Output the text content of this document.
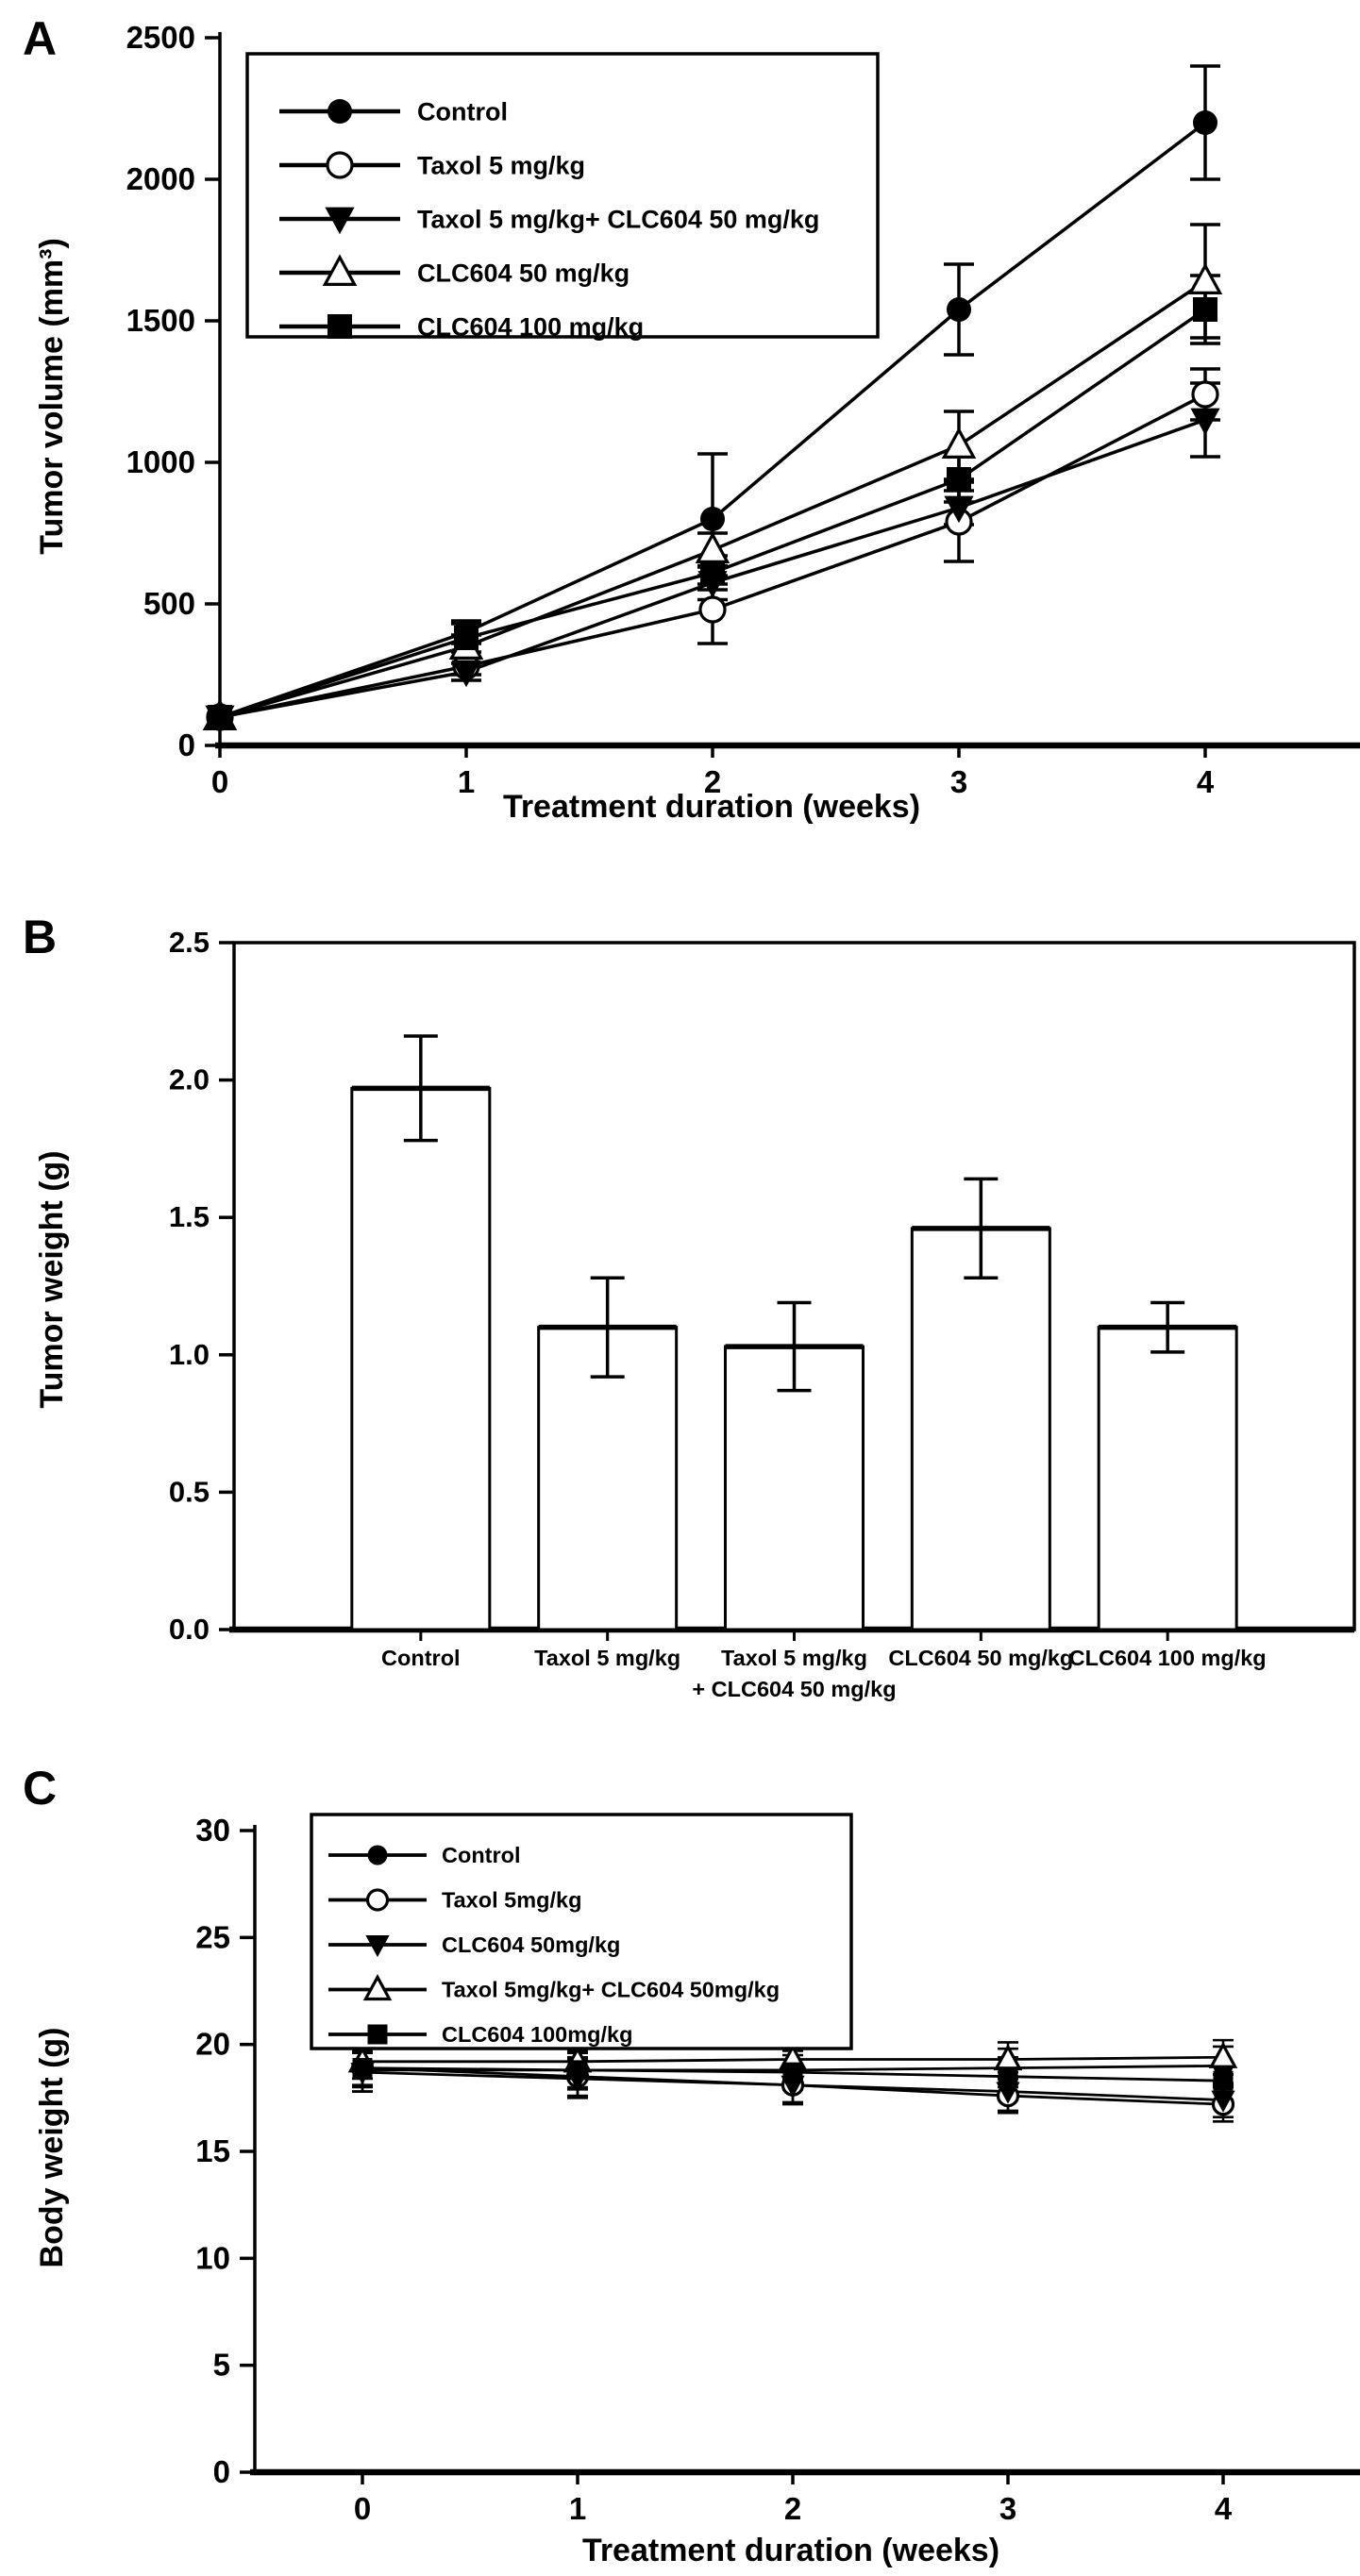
A
Tumor volume (mm³)
Treatment duration (weeks)
0
500
1000
1500
2000
2500
0	1	2	3	4
Control
Taxol 5 mg/kg
Taxol 5 mg/kg+ CLC604 50 mg/kg
CLC604 50 mg/kg
CLC604 100 mg/kg
B
Tumor weight (g)
0.0
0.5
1.0
1.5
2.0
2.5
Control	Taxol 5 mg/kg Taxol 5 mg/kg
+ CLC604 50 mg/kg
CLC604 50 mg/kg
CLC604 100 mg/kg
C
Body weight (g)
Treatment duration (weeks)
0
5
10
15
20
25
30
0	1	2	3	4
Control
Taxol 5mg/kg
CLC604 50mg/kg
Taxol 5mg/kg+ CLC604 50mg/kg
CLC604 100mg/kg
